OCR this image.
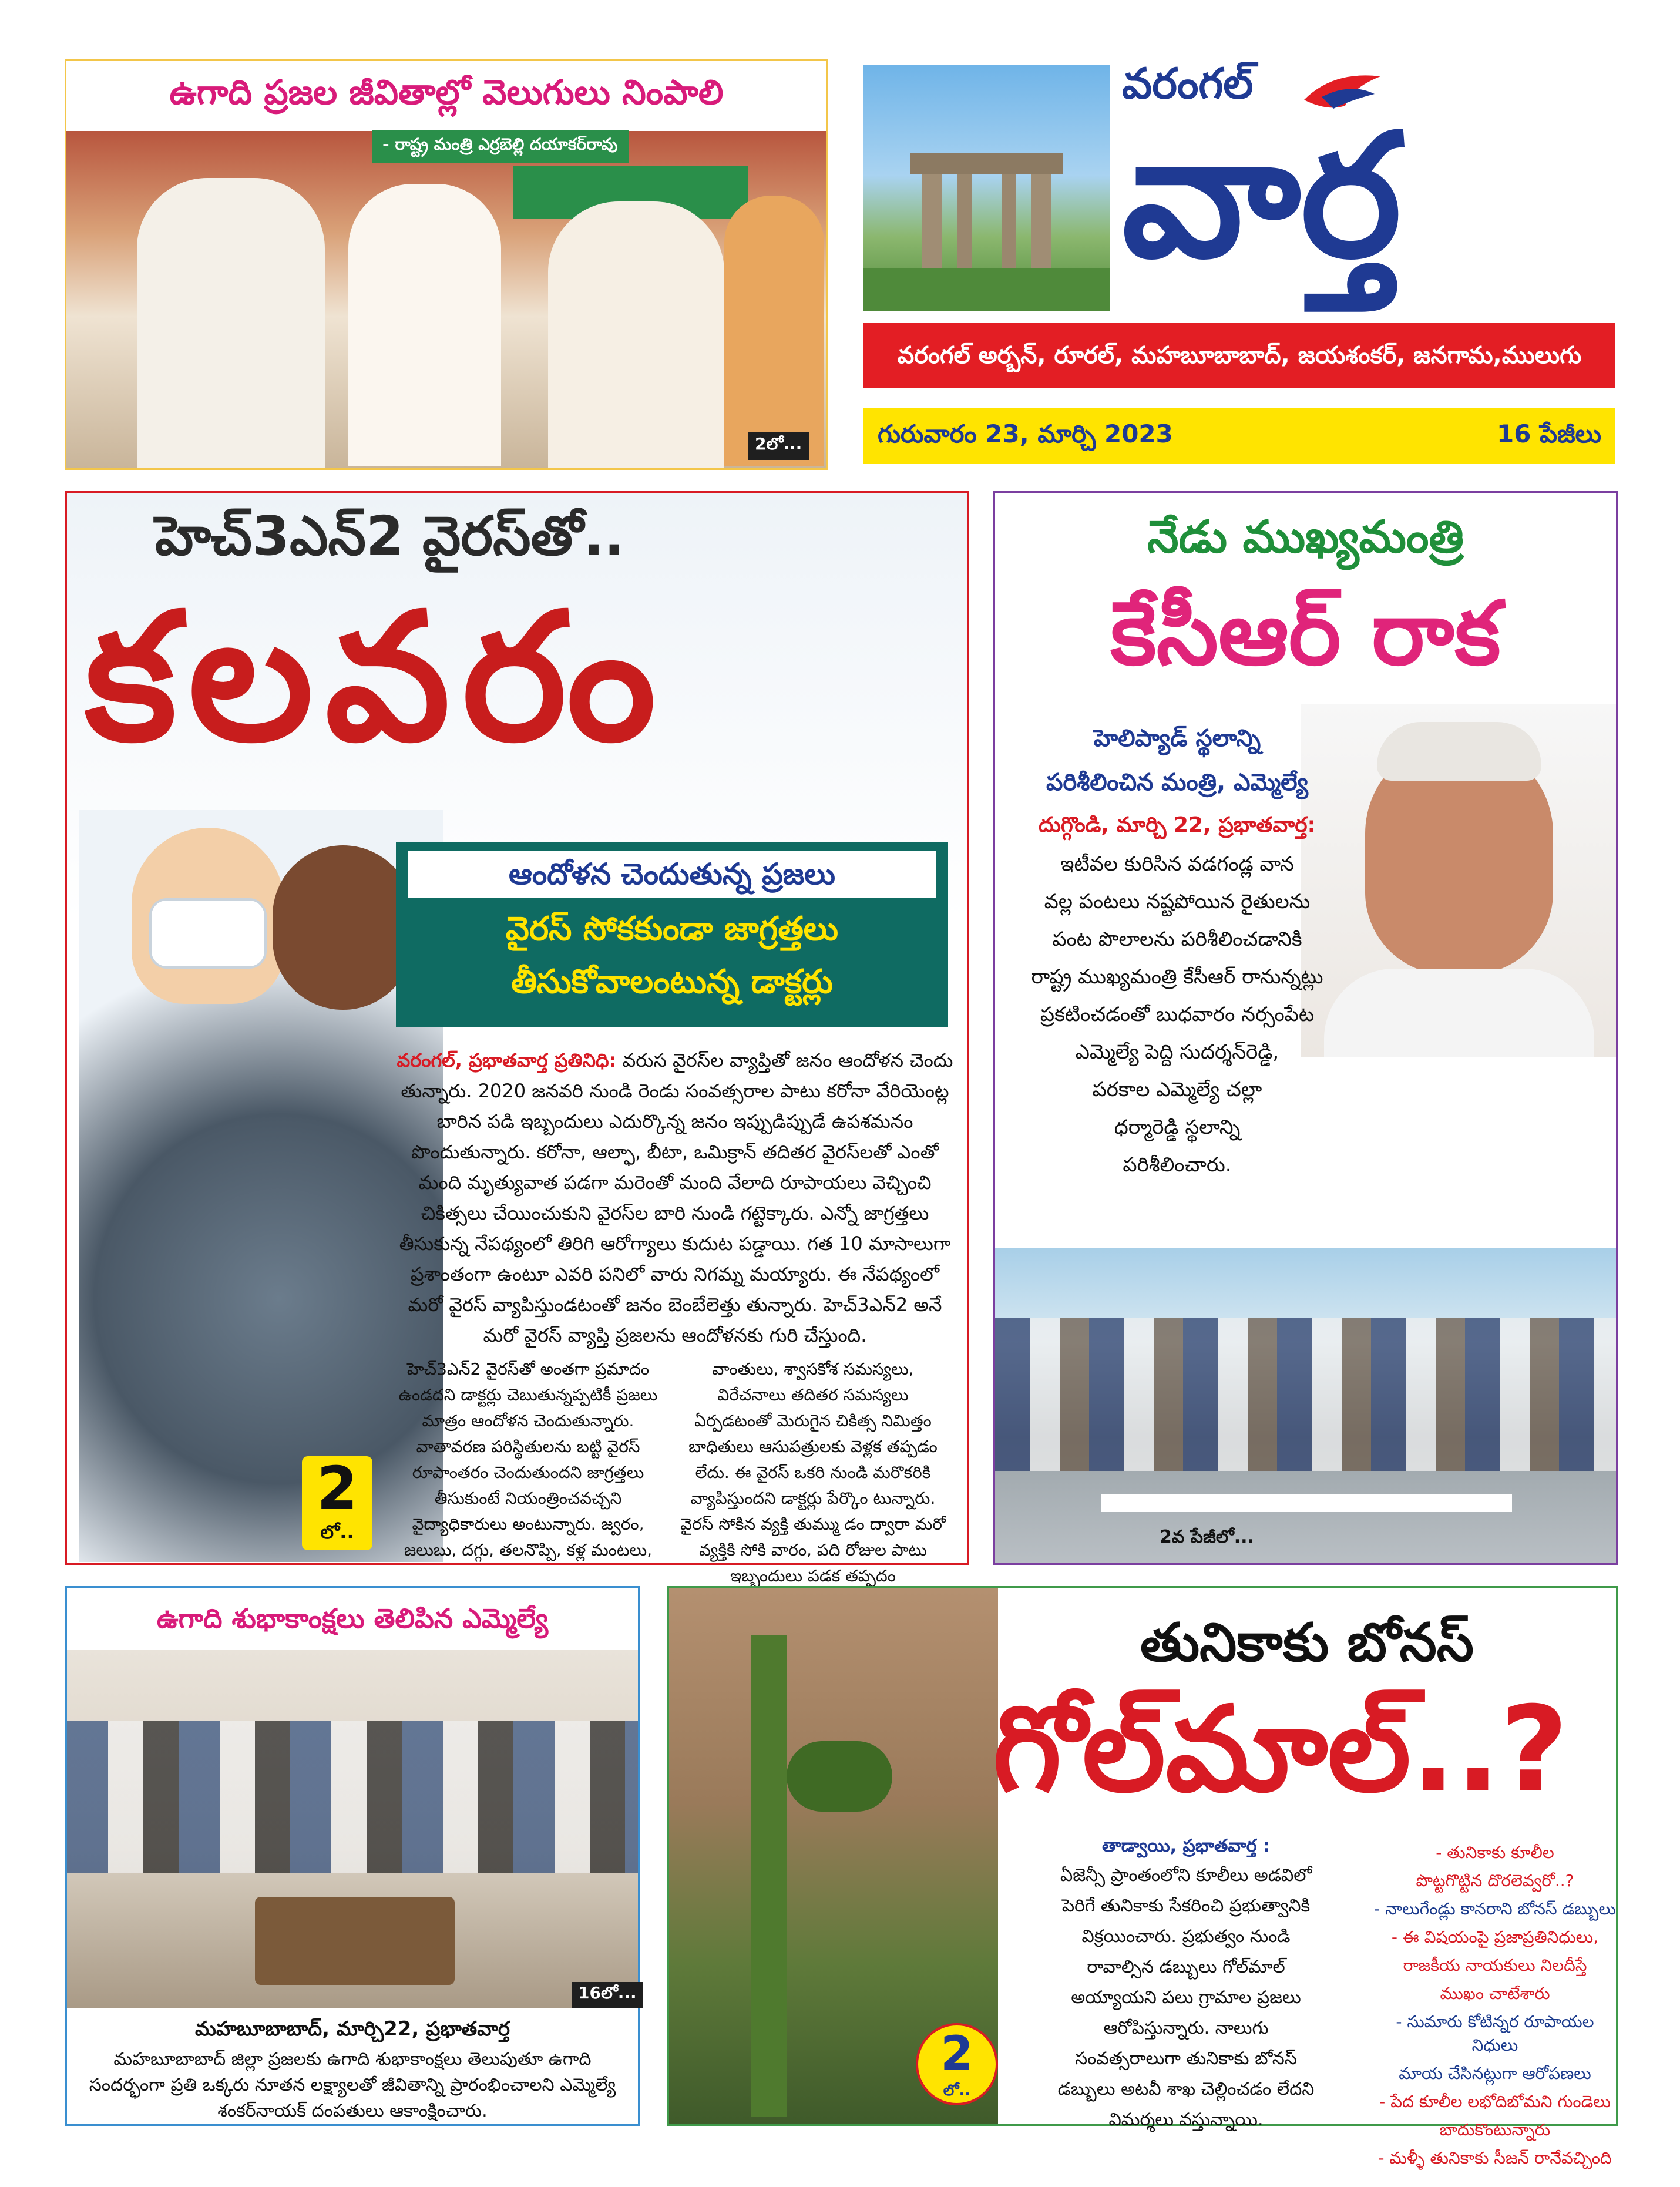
ఉగాది ప్రజల జీవితాల్లో వెలుగులు నింపాలి
- రాష్ట్ర మంత్రి ఎర్రబెల్లి దయాకర్‌రావు
2లో...
వరంగల్
వార్త
వరంగల్ అర్బన్, రూరల్, మహబూబాబాద్, జయశంకర్, జనగామ,ములుగు
గురువారం 23, మార్చి 2023	16 పేజీలు
హెచ్3ఎన్2 వైరస్‌తో..
కలవరం
ఆందోళన చెందుతున్న ప్రజలు
వైరస్ సోకకుండా జాగ్రత్తలు
తీసుకోవాలంటున్న డాక్టర్లు
వరంగల్, ప్రభాతవార్త ప్రతినిధి: వరుస వైరస్‌ల వ్యాప్తితో జనం ఆందోళన చెందు తున్నారు. 2020 జనవరి నుండి రెండు సంవత్సరాల పాటు కరోనా వేరియెంట్ల బారిన పడి ఇబ్బందులు ఎదుర్కొన్న జనం ఇప్పుడిప్పుడే ఉపశమనం పొందుతున్నారు. కరోనా, ఆల్ఫా, బీటా, ఒమిక్రాన్ తదితర వైరస్‌లతో ఎంతో మంది మృత్యువాత పడగా మరెంతో మంది వేలాది రూపాయలు వెచ్చించి చికిత్సలు చేయించుకుని వైరస్‌ల బారి నుండి గట్టెక్కారు. ఎన్నో జాగ్రత్తలు తీసుకున్న నేపథ్యంలో తిరిగి ఆరోగ్యాలు కుదుట పడ్డాయి. గత 10 మాసాలుగా ప్రశాంతంగా ఉంటూ ఎవరి పనిలో వారు నిగమ్న మయ్యారు. ఈ నేపథ్యంలో మరో వైరస్ వ్యాపిస్తుండటంతో జనం బెంబేలెత్తు తున్నారు. హెచ్3ఎన్2 అనే మరో వైరస్ వ్యాప్తి ప్రజలను ఆందోళనకు గురి చేస్తుంది.
హెచ్3ఎన్2 వైరస్‌తో అంతగా ప్రమాదం ఉండదని డాక్టర్లు చెబుతున్నప్పటికీ ప్రజలు మాత్రం ఆందోళన చెందుతున్నారు. వాతావరణ పరిస్థితులను బట్టి వైరస్ రూపాంతరం చెందుతుందని జాగ్రత్తలు తీసుకుంటే నియంత్రించవచ్చని వైద్యాధికారులు అంటున్నారు. జ్వరం, జలుబు, దగ్గు, తలనొప్పి, కళ్ల మంటలు,
వాంతులు, శ్వాసకోశ సమస్యలు, విరేచనాలు తదితర సమస్యలు ఏర్పడటంతో మెరుగైన చికిత్స నిమిత్తం బాధితులు ఆసుపత్రులకు వెళ్లక తప్పడం లేదు. ఈ వైరస్ ఒకరి నుండి మరొకరికి వ్యాపిస్తుందని డాక్టర్లు పేర్కొం టున్నారు. వైరస్ సోకిన వ్యక్తి తుమ్ము డం ద్వారా మరో వ్యక్తికి సోకి వారం, పది రోజుల పాటు ఇబ్బందులు పడక తప్పదం
2
లో..
నేడు ముఖ్యమంత్రి
కేసీఆర్ రాక
హెలిప్యాడ్ స్థలాన్ని
పరిశీలించిన మంత్రి, ఎమ్మెల్యే
దుగ్గొండి, మార్చి 22, ప్రభాతవార్త:
ఇటీవల కురిసిన వడగండ్ల వాన
వల్ల పంటలు నష్టపోయిన రైతులను
పంట పొలాలను పరిశీలించడానికి
రాష్ట్ర ముఖ్యమంత్రి కేసీఆర్ రానున్నట్లు
ప్రకటించడంతో బుధవారం నర్సంపేట
ఎమ్మెల్యే పెద్ది సుదర్శన్‌రెడ్డి,
పరకాల ఎమ్మెల్యే చల్లా
ధర్మారెడ్డి స్థలాన్ని
పరిశీలించారు.
2వ పేజీలో...
ఉగాది శుభాకాంక్షలు తెలిపిన ఎమ్మెల్యే
16లో...
మహబూబాబాద్, మార్చి22, ప్రభాతవార్త
మహబూబాబాద్ జిల్లా ప్రజలకు ఉగాది శుభాకాంక్షలు తెలుపుతూ ఉగాది సందర్భంగా ప్రతి ఒక్కరు నూతన లక్ష్యాలతో జీవితాన్ని ప్రారంభించాలని ఎమ్మెల్యే శంకర్‌నాయక్ దంపతులు ఆకాంక్షించారు.
తునికాకు బోనస్
గోల్‌మాల్..?
తాడ్వాయి, ప్రభాతవార్త :
ఏజెన్సీ ప్రాంతంలోని కూలీలు అడవిలో
పెరిగే తునికాకు సేకరించి ప్రభుత్వానికి
విక్రయించారు. ప్రభుత్వం నుండి
రావాల్సిన డబ్బులు గోల్‌మాల్
అయ్యాయని పలు గ్రామాల ప్రజలు
ఆరోపిస్తున్నారు. నాలుగు
సంవత్సరాలుగా తునికాకు బోనస్
డబ్బులు అటవీ శాఖ చెల్లించడం లేదని
విమర్శలు వస్తున్నాయి.
- తునికాకు కూలీల
పొట్టగొట్టిన దొరలెవ్వరో..?
- నాలుగేండ్లు కానరాని బోనస్ డబ్బులు
- ఈ విషయంపై ప్రజాప్రతినిధులు,
రాజకీయ నాయకులు నిలదీస్తే
ముఖం చాటేశారు
- సుమారు కోటిన్నర రూపాయల నిధులు
మాయ చేసినట్లుగా ఆరోపణలు
- పేద కూలీల లభోదిబోమని గుండెలు
బాదుకొంటున్నారు
- మళ్ళీ తునికాకు సీజన్ రానేవచ్చింది
2
లో..
